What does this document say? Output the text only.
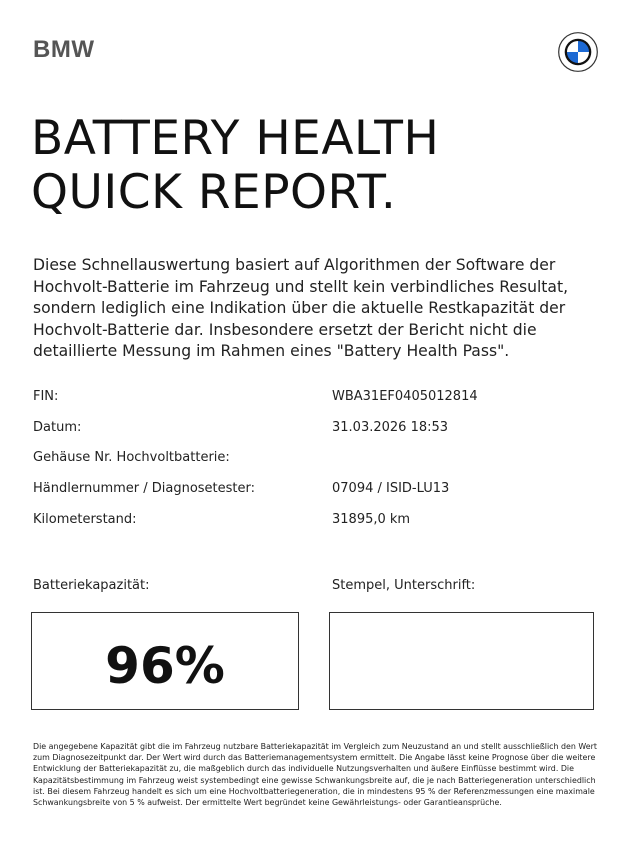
BMW
BATTERY HEALTH
QUICK REPORT.
Diese Schnellauswertung basiert auf Algorithmen der Software der Hochvolt-Batterie im Fahrzeug und stellt kein verbindliches Resultat, sondern lediglich eine Indikation über die aktuelle Restkapazität der Hochvolt-Batterie dar. Insbesondere ersetzt der Bericht nicht die detaillierte Messung im Rahmen eines "Battery Health Pass".
FIN:	WBA31EF0405012814
Datum:	31.03.2026 18:53
Gehäuse Nr. Hochvoltbatterie:
Händlernummer / Diagnosetester:	07094 / ISID-LU13
Kilometerstand:	31895,0 km
Batteriekapazität:	Stempel, Unterschrift:
96%
Die angegebene Kapazität gibt die im Fahrzeug nutzbare Batteriekapazität im Vergleich zum Neuzustand an und stellt ausschließlich den Wert zum Diagnosezeitpunkt dar. Der Wert wird durch das Batteriemanagementsystem ermittelt. Die Angabe lässt keine Prognose über die weitere Entwicklung der Batteriekapazität zu, die maßgeblich durch das individuelle Nutzungsverhalten und äußere Einflüsse bestimmt wird. Die Kapazitätsbestimmung im Fahrzeug weist systembedingt eine gewisse Schwankungsbreite auf, die je nach Batteriegeneration unterschiedlich ist. Bei diesem Fahrzeug handelt es sich um eine Hochvoltbatteriegeneration, die in mindestens 95 % der Referenzmessungen eine maximale Schwankungsbreite von 5 % aufweist. Der ermittelte Wert begründet keine Gewährleistungs- oder Garantieansprüche.
